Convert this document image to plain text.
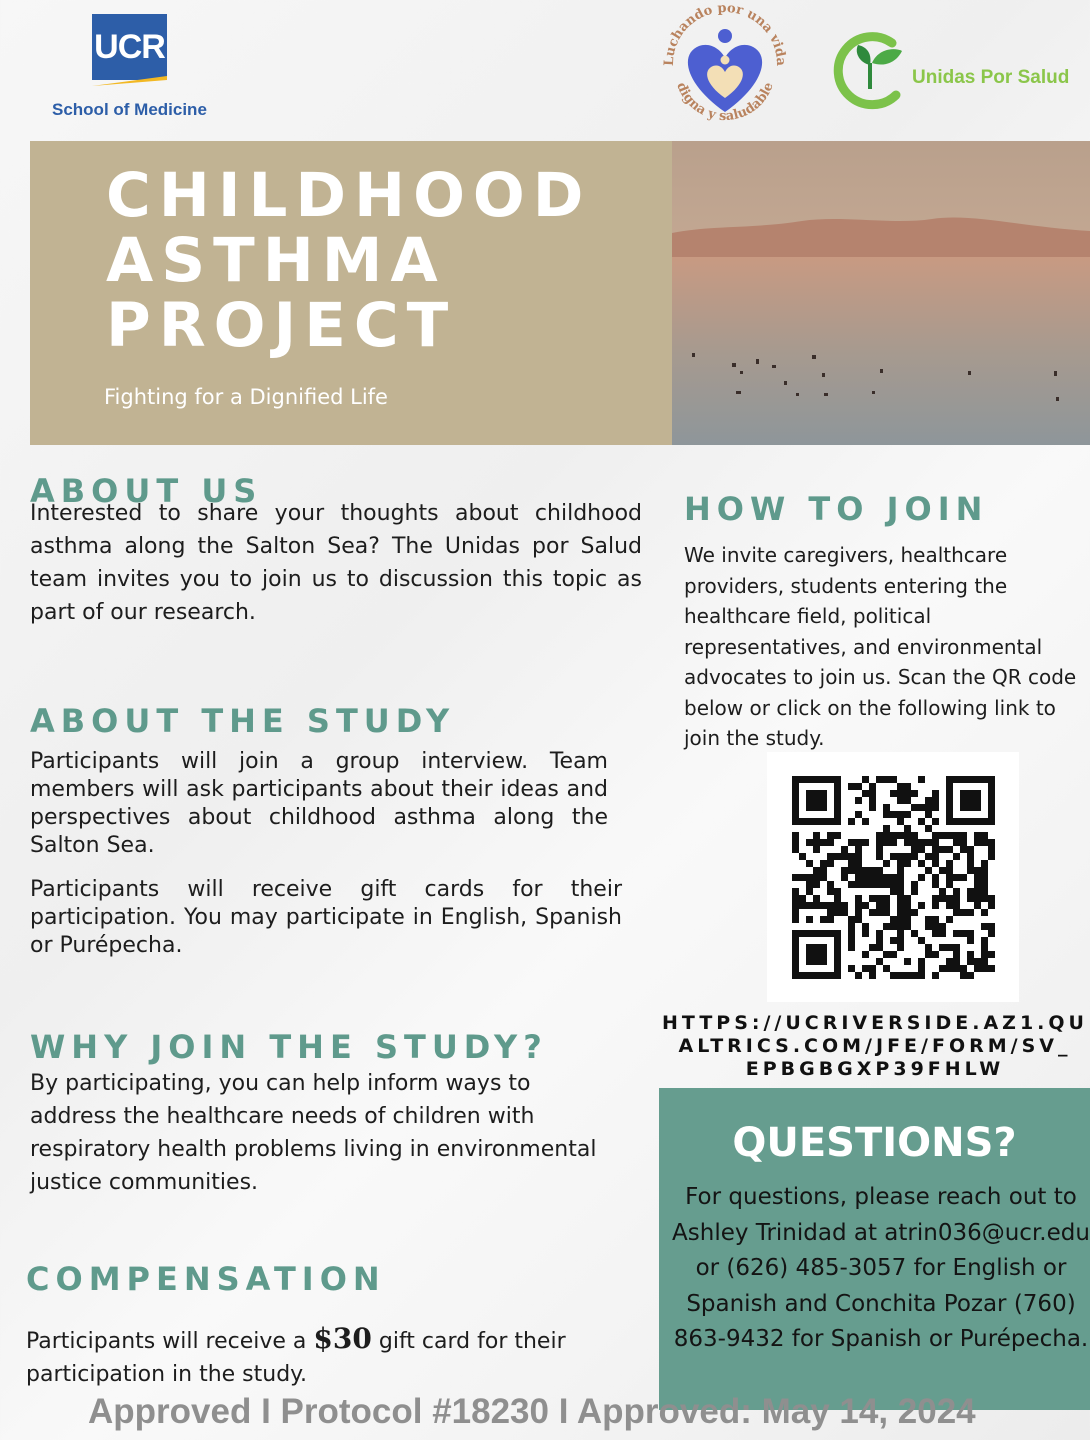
UCR
School of Medicine
Luchando por una vida
digna y saludable	Unidas Por Salud
CHILDHOOD
ASTHMA
PROJECT
Fighting for a Dignified Life
ABOUT US

Interested to share your thoughts about childhood asthma along the Salton Sea? The Unidas por Salud team invites you to join us to discussion this topic as part of our research.

ABOUT THE STUDY

Participants will join a group interview. Team members will ask participants about their ideas and perspectives about childhood asthma along the Salton Sea.

Participants will receive gift cards for their participation. You may participate in English, Spanish or Purépecha.

WHY JOIN THE STUDY?

By participating, you can help inform ways to address the healthcare needs of children with respiratory health problems living in environmental justice communities.

COMPENSATION

Participants will receive a $30 gift card for their participation in the study.

HOW TO JOIN

We invite caregivers, healthcare providers, students entering the healthcare field, political representatives, and environmental advocates to join us. Scan the QR code below or click on the following link to join the study.

HTTPS://UCRIVERSIDE.AZ1.QU
ALTRICS.COM/JFE/FORM/SV_
EPBGBGXP39FHLW

QUESTIONS?

For questions, please reach out to Ashley Trinidad at atrin036@ucr.edu or (626) 485-3057 for English or Spanish and Conchita Pozar (760) 863-9432 for Spanish or Purépecha.

Approved I Protocol #18230 I Approved: May 14, 2024
